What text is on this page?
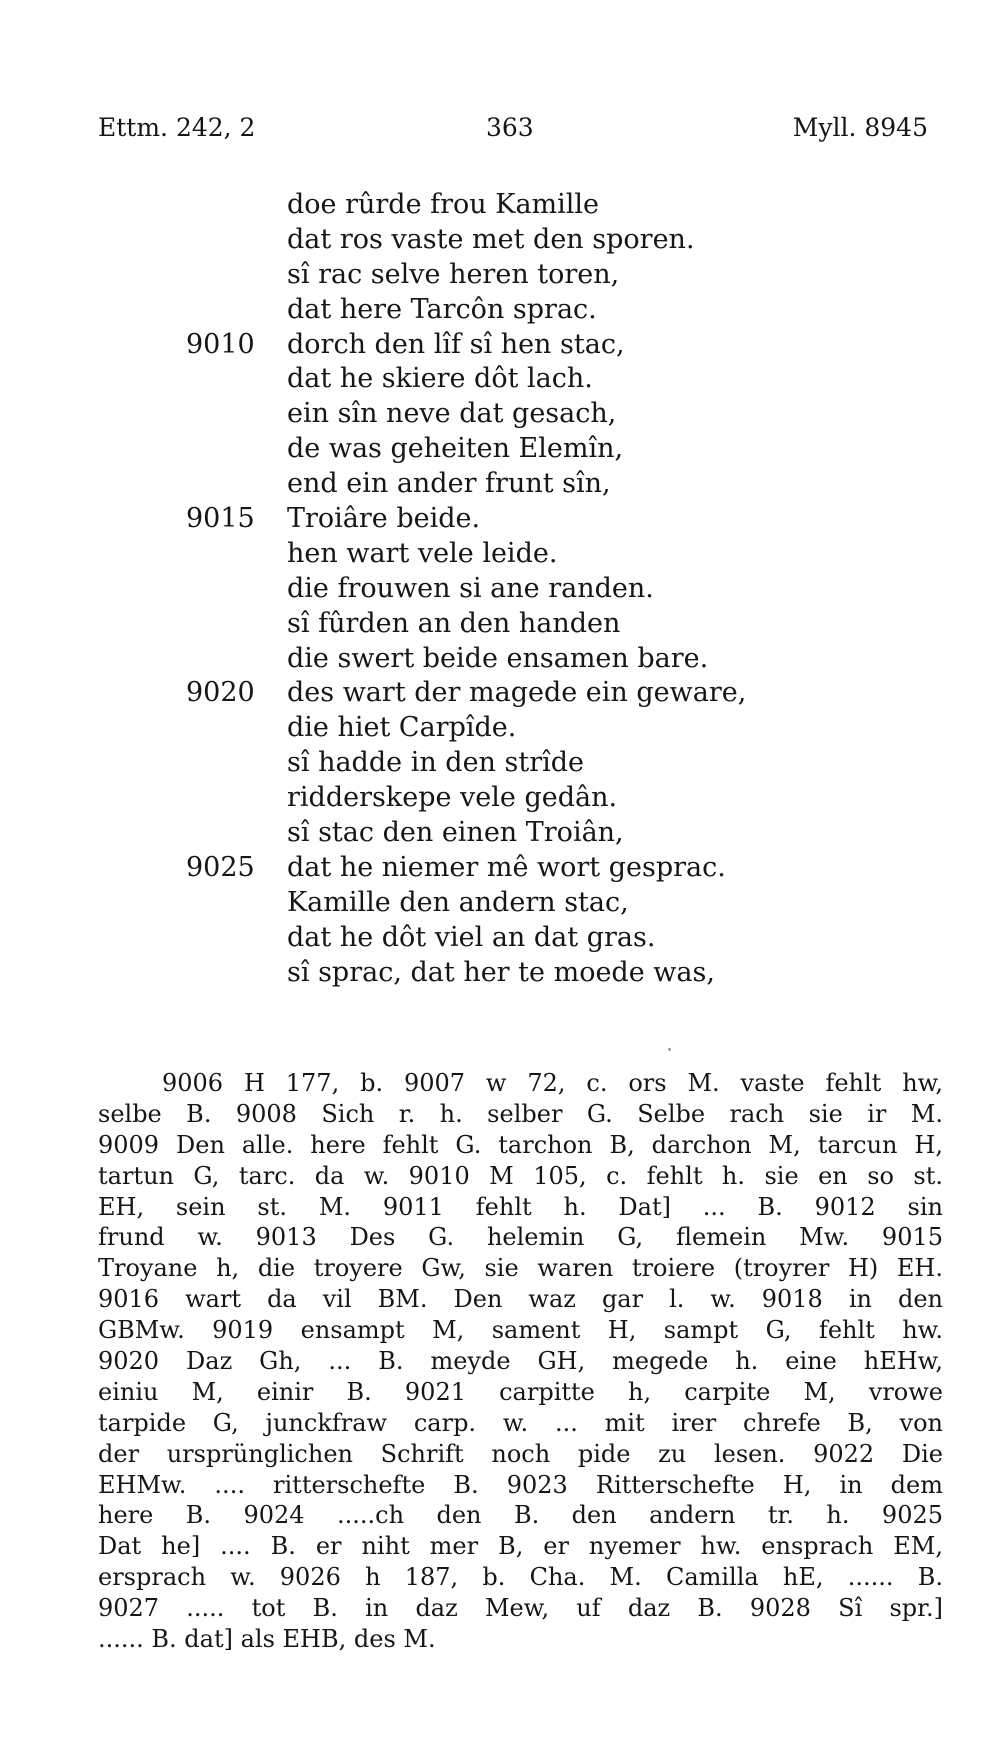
Ettm. 242, 2	363	Myll. 8945
doe rûrde frou Kamille
dat ros vaste met den sporen.
sî rac selve heren toren,
dat here Tarcôn sprac.
9010 dorch den lîf sî hen stac,
dat he skiere dôt lach.
ein sîn neve dat gesach,
de was geheiten Elemîn,
end ein ander frunt sîn,
9015 Troiâre beide.
hen wart vele leide.
die frouwen si ane randen.
sî fûrden an den handen
die swert beide ensamen bare.
9020 des wart der magede ein geware,
die hiet Carpîde.
sî hadde in den strîde
ridderskepe vele gedân.
sî stac den einen Troiân,
9025 dat he niemer mê wort gesprac.
Kamille den andern stac,
dat he dôt viel an dat gras.
sî sprac, dat her te moede was,
9006 H 177, b. 9007 w 72, c. ors M. vaste fehlt hw,
selbe B. 9008 Sich r. h. selber G. Selbe rach sie ir M.
9009 Den alle. here fehlt G. tarchon B, darchon M, tarcun H,
tartun G, tarc. da w. 9010 M 105, c. fehlt h. sie en so st.
EH, sein st. M. 9011 fehlt h. Dat] ... B. 9012 sin
frund w. 9013 Des G. helemin G, flemein Mw. 9015
Troyane h, die troyere Gw, sie waren troiere (troyrer H) EH.
9016 wart da vil BM. Den waz gar l. w. 9018 in den
GBMw. 9019 ensampt M, sament H, sampt G, fehlt hw.
9020 Daz Gh, ... B. meyde GH, megede h. eine hEHw,
einiu M, einir B. 9021 carpitte h, carpite M, vrowe
tarpide G, junckfraw carp. w. ... mit irer chrefe B, von
der ursprünglichen Schrift noch pide zu lesen. 9022 Die
EHMw. .... ritterschefte B. 9023 Ritterschefte H, in dem
here B. 9024 .....ch den B. den andern tr. h. 9025
Dat he] .... B. er niht mer B, er nyemer hw. ensprach EM,
ersprach w. 9026 h 187, b. Cha. M. Camilla hE, ...... B.
9027 ..... tot B. in daz Mew, uf daz B. 9028 Sî spr.]
...... B. dat] als EHB, des M.
